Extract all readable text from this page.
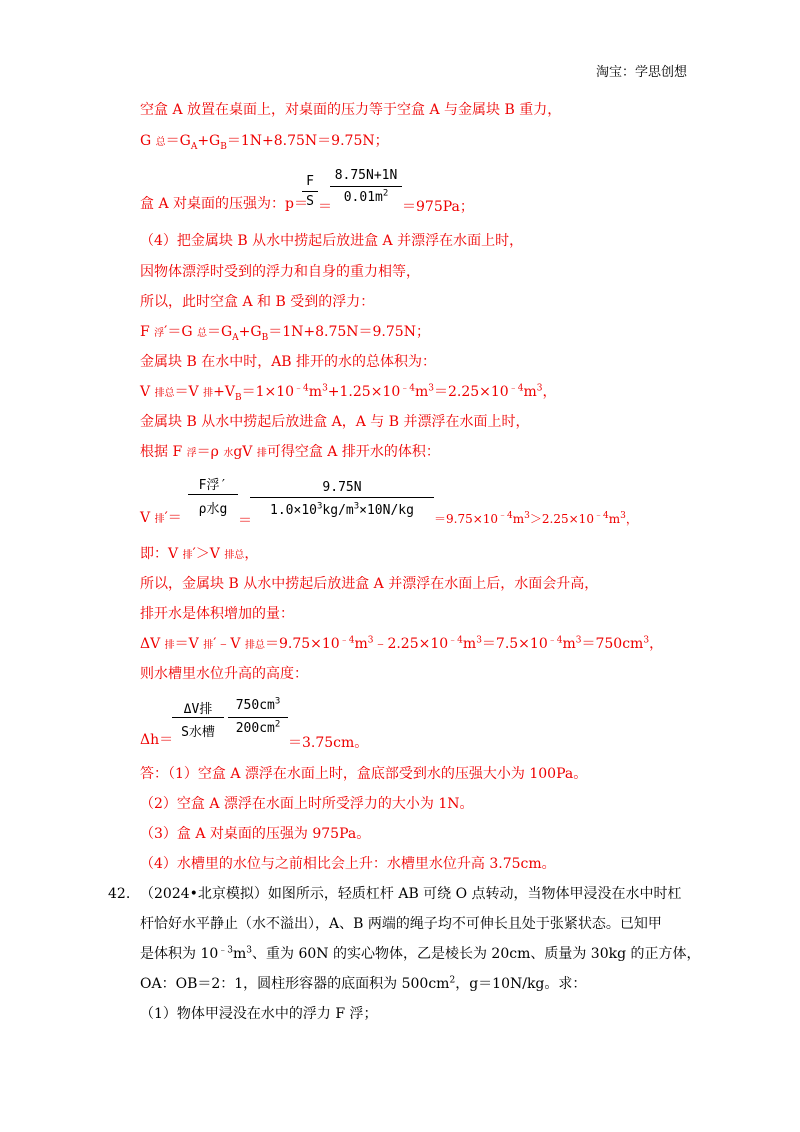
淘宝：学思创想
空盒 A 放置在桌面上，对桌面的压力等于空盒 A 与金属块 B 重力，
G 总$=G_A+G_B=1N+8.75N=9.75N$；
盒 A 对桌面的压强为：p＝
F
S ＝
8.75N+1N
$0.01m^2$
＝975Pa；
（4）把金属块 B 从水中捞起后放进盒 A 并漂浮在水面上时，
因物体漂浮时受到的浮力和自身的重力相等，
所以，此时空盒 A 和 B 受到的浮力：
F 浮′＝G 总$=G_A+G_B=1N+8.75N=9.75N$；
金属块 B 在水中时，AB 排开的水的总体积为：
V 排总＝V 排$+V_B=1\times 10^{﹣4}m^3+1.25\times 10^{﹣4}m^3=2.25\times 10^{﹣4}m^3$，
金属块 B 从水中捞起后放进盒 A，A 与 B 并漂浮在水面上时，
根据 F 浮＝ρ 水gV 排可得空盒 A 排开水的体积：
V 排′＝
F浮′
ρ水g
＝
9.75N
$1.0\times 10^3kg/m^3\times 10N/kg$
$=9.75\times 10^{﹣4}m^3>2.25\times 10^{﹣4}m^3$，
即：V 排′＞V 排总，
所以，金属块 B 从水中捞起后放进盒 A 并漂浮在水面上后，水面会升高，
排开水是体积增加的量：
ΔV 排＝V 排′﹣V 排总$=9.75\times 10^{﹣4}m^3﹣2.25\times 10^{﹣4}m^3=7.5\times 10^{﹣4}m^3=750cm^3$，
则水槽里水位升高的高度：
Δh＝
ΔV排
S水槽
$750cm^3$
$200cm^2$
＝3.75cm。
答：（1）空盒 A 漂浮在水面上时，盒底部受到水的压强大小为 100Pa。
（2）空盒 A 漂浮在水面上时所受浮力的大小为 1N。
（3）盒 A 对桌面的压强为 975Pa。
（4）水槽里的水位与之前相比会上升：水槽里水位升高 3.75cm。
42. （2024•北京模拟）如图所示，轻质杠杆 AB 可绕 O 点转动，当物体甲浸没在水中时杠
杆恰好水平静止（水不溢出），A、B 两端的绳子均不可伸长且处于张紧状态。已知甲
是体积为 $10^{﹣3}m^3$、重为 60N 的实心物体，乙是棱长为 20cm、质量为 30kg 的正方体，
OA：OB＝2：1，圆柱形容器的底面积为 $500cm^2$，g＝10N/kg。求：
（1）物体甲浸没在水中的浮力 F 浮；
